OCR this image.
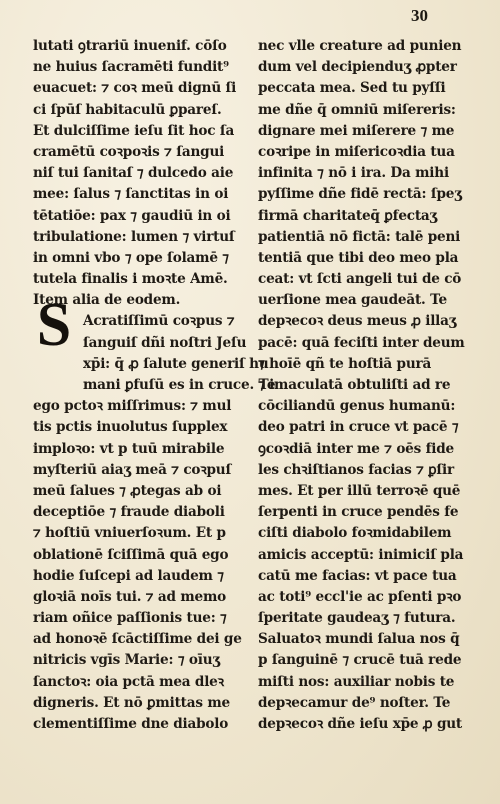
30
lutati ꝯtrariū inuenif. cōſo
ne huius ſacramēti fundit⁹
euacuet: ⁊ coꝛ meū dignū ſi
ci ſpūſ habitaculū ꝑpareſ.
Et dulciſſime ieſu ſit hoc ſa
cramētū coꝛpoꝛis ⁊ ſangui
niſ tui ſanitaſ ⁊ dulcedo aie
mee: ſalus ⁊ ſanctitas in oi
tētatiōe: pax ⁊ gaudiū in oi
tribulatione: lumen ⁊ virtuſ
in omni vbo ⁊ ope ſolamē ⁊
tutela finalis i moꝛte Amē.
Item alia de eodem.
Acratiſſimū coꝛpus ⁊
ſanguiſ dñi noſtri Jeſu
xp̄i: q̄ ꝓ ſalute generiſ hu
mani ꝑfuſū es in cruce. Te
ego pctoꝛ miſſrimus: ⁊ mul
tis pctis inuolutus ſupplex
imploꝛo: vt p tuū mirabile
myſteriū aiaʒ meā ⁊ coꝛpuſ
meū ſalues ⁊ ꝓtegas ab oi
deceptiōe ⁊ fraude diaboli
⁊ hoſtiū vniuerſoꝛum. Et p
oblationē ſciſſimā quā ego
hodie ſuſcepi ad laudem ⁊
gloꝛiā noīs tui. ⁊ ad memo
riam oñice paſſionis tue: ⁊
ad honoꝛē ſcāctiſſime dei ge
nitricis vgīs Marie: ⁊ oīuʒ
ſanctoꝛ: oia pctā mea dleꝛ
digneris. Et nō ꝑmittas me
clementiſſime dne diabolo
S
nec vlle creature ad punien
dum vel decipienduʒ ꝓpter
peccata mea. Sed tu pyſſi
me dñe q̄ omniū miſereris:
dignare mei miſerere ⁊ me
coꝛripe in miſericoꝛdia tua
infinita ⁊ nō i ira. Da mihi
pyſſime dñe fidē rectā: ſpeʒ
firmā charitateq̄ ꝑfectaʒ
patientiā nō fictā: talē peni
tentiā que tibi deo meo pla
ceat: vt ſcti angeli tui de cō
uerſione mea gaudeāt. Te
depꝛecoꝛ deus meus ꝓ illaʒ
pacē: quā feciſti inter deum
⁊ hoīē qñ te hoſtiā purā
⁊ imaculatā obtuliſti ad re
cōciliandū genus humanū:
deo patri in cruce vt pacē ⁊
ꝯcoꝛdiā inter me ⁊ oēs fide
les chꝛiſtianos facias ⁊ ꝑſir
mes. Et per illū terroꝛē quē
ſerpenti in cruce pendēs fe
ciſti diabolo foꝛmidabilem
amicis acceptū: inimiciſ pla
catū me facias: vt pace tua
ac toti⁹ eccl'ie ac pſenti pꝛo
ſperitate gaudeaʒ ⁊ futura.
Saluatoꝛ mundi ſalua nos q̄
p ſanguinē ⁊ crucē tuā rede
miſti nos: auxiliar nobis te
depꝛecamur de⁹ noſter. Te
depꝛecoꝛ dñe ieſu xp̄e ꝓ gut
